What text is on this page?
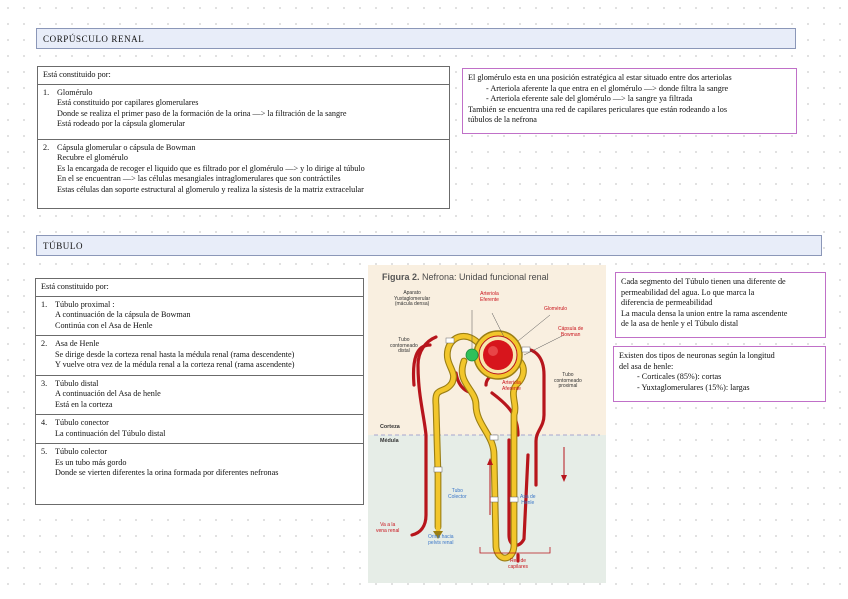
CORPÚSCULO RENAL
Está constituido por:
1. Glomérulo
Está constituido por capilares glomerulares
Donde se realiza el primer paso de la formación de la orina —> la filtración de la sangre
Está rodeado por la cápsula glomerular
2. Cápsula glomerular o cápsula de Bowman
Recubre el glomérulo
Es la encargada de recoger el liquido que es filtrado por el glomérulo —> y lo dirige al túbulo
En el se encuentran —> las células mesangiales intraglomerulares que son contráctiles
Estas células dan soporte estructural al glomerulo y realiza la sístesis de la matriz extracelular
El glomérulo esta en una posición estratégica al estar situado entre dos arteriolas
- Arteriola aferente la que entra en el glomérulo —> donde filtra la sangre
- Arteriola eferente sale del glomérulo —> la sangre ya filtrada
También se encuentra una red de capilares periculares que están rodeando a los
túbulos de la nefrona
TÚBULO
Está constituido por:
1. Túbulo proximal :
A continuación de la cápsula de Bowman
Continúa con el Asa de Henle
2. Asa de Henle
Se dirige desde la corteza renal hasta la médula renal (rama descendente)
Y vuelve otra vez de la médula renal a la corteza renal (rama ascendente)
3. Túbulo distal
A continuación del Asa de henle
Está en la corteza
4. Túbulo conector
La continuación del Túbulo distal
5. Túbulo colector
Es un tubo más gordo
Donde se vierten diferentes la orina formada por diferentes nefronas
Figura 2. Nefrona: Unidad funcional renal
Aparato
Yuxtaglomerular
(mácula densa)
Arteriola
Eferente
Glomérulo
Cápsula de
Bowman
Tubo
contorneado
distal
Tubo
contorneado
proximal
Arteriola
Aferente
Corteza
Médula
Tubo
Colector	Asa de
Henle
Va a la
vena renal
Orina hacia
pelvis renal
Red de
capilares
Cada segmento del Túbulo tienen una diferente de
permeabilidad del agua. Lo que marca la
diferencia de permeabilidad
La macula densa la union entre la rama ascendente
de la asa de henle y el Túbulo distal
Existen dos tipos de neuronas según la longitud
del asa de henle:
- Corticales (85%): cortas
- Yuxtaglomerulares (15%): largas
